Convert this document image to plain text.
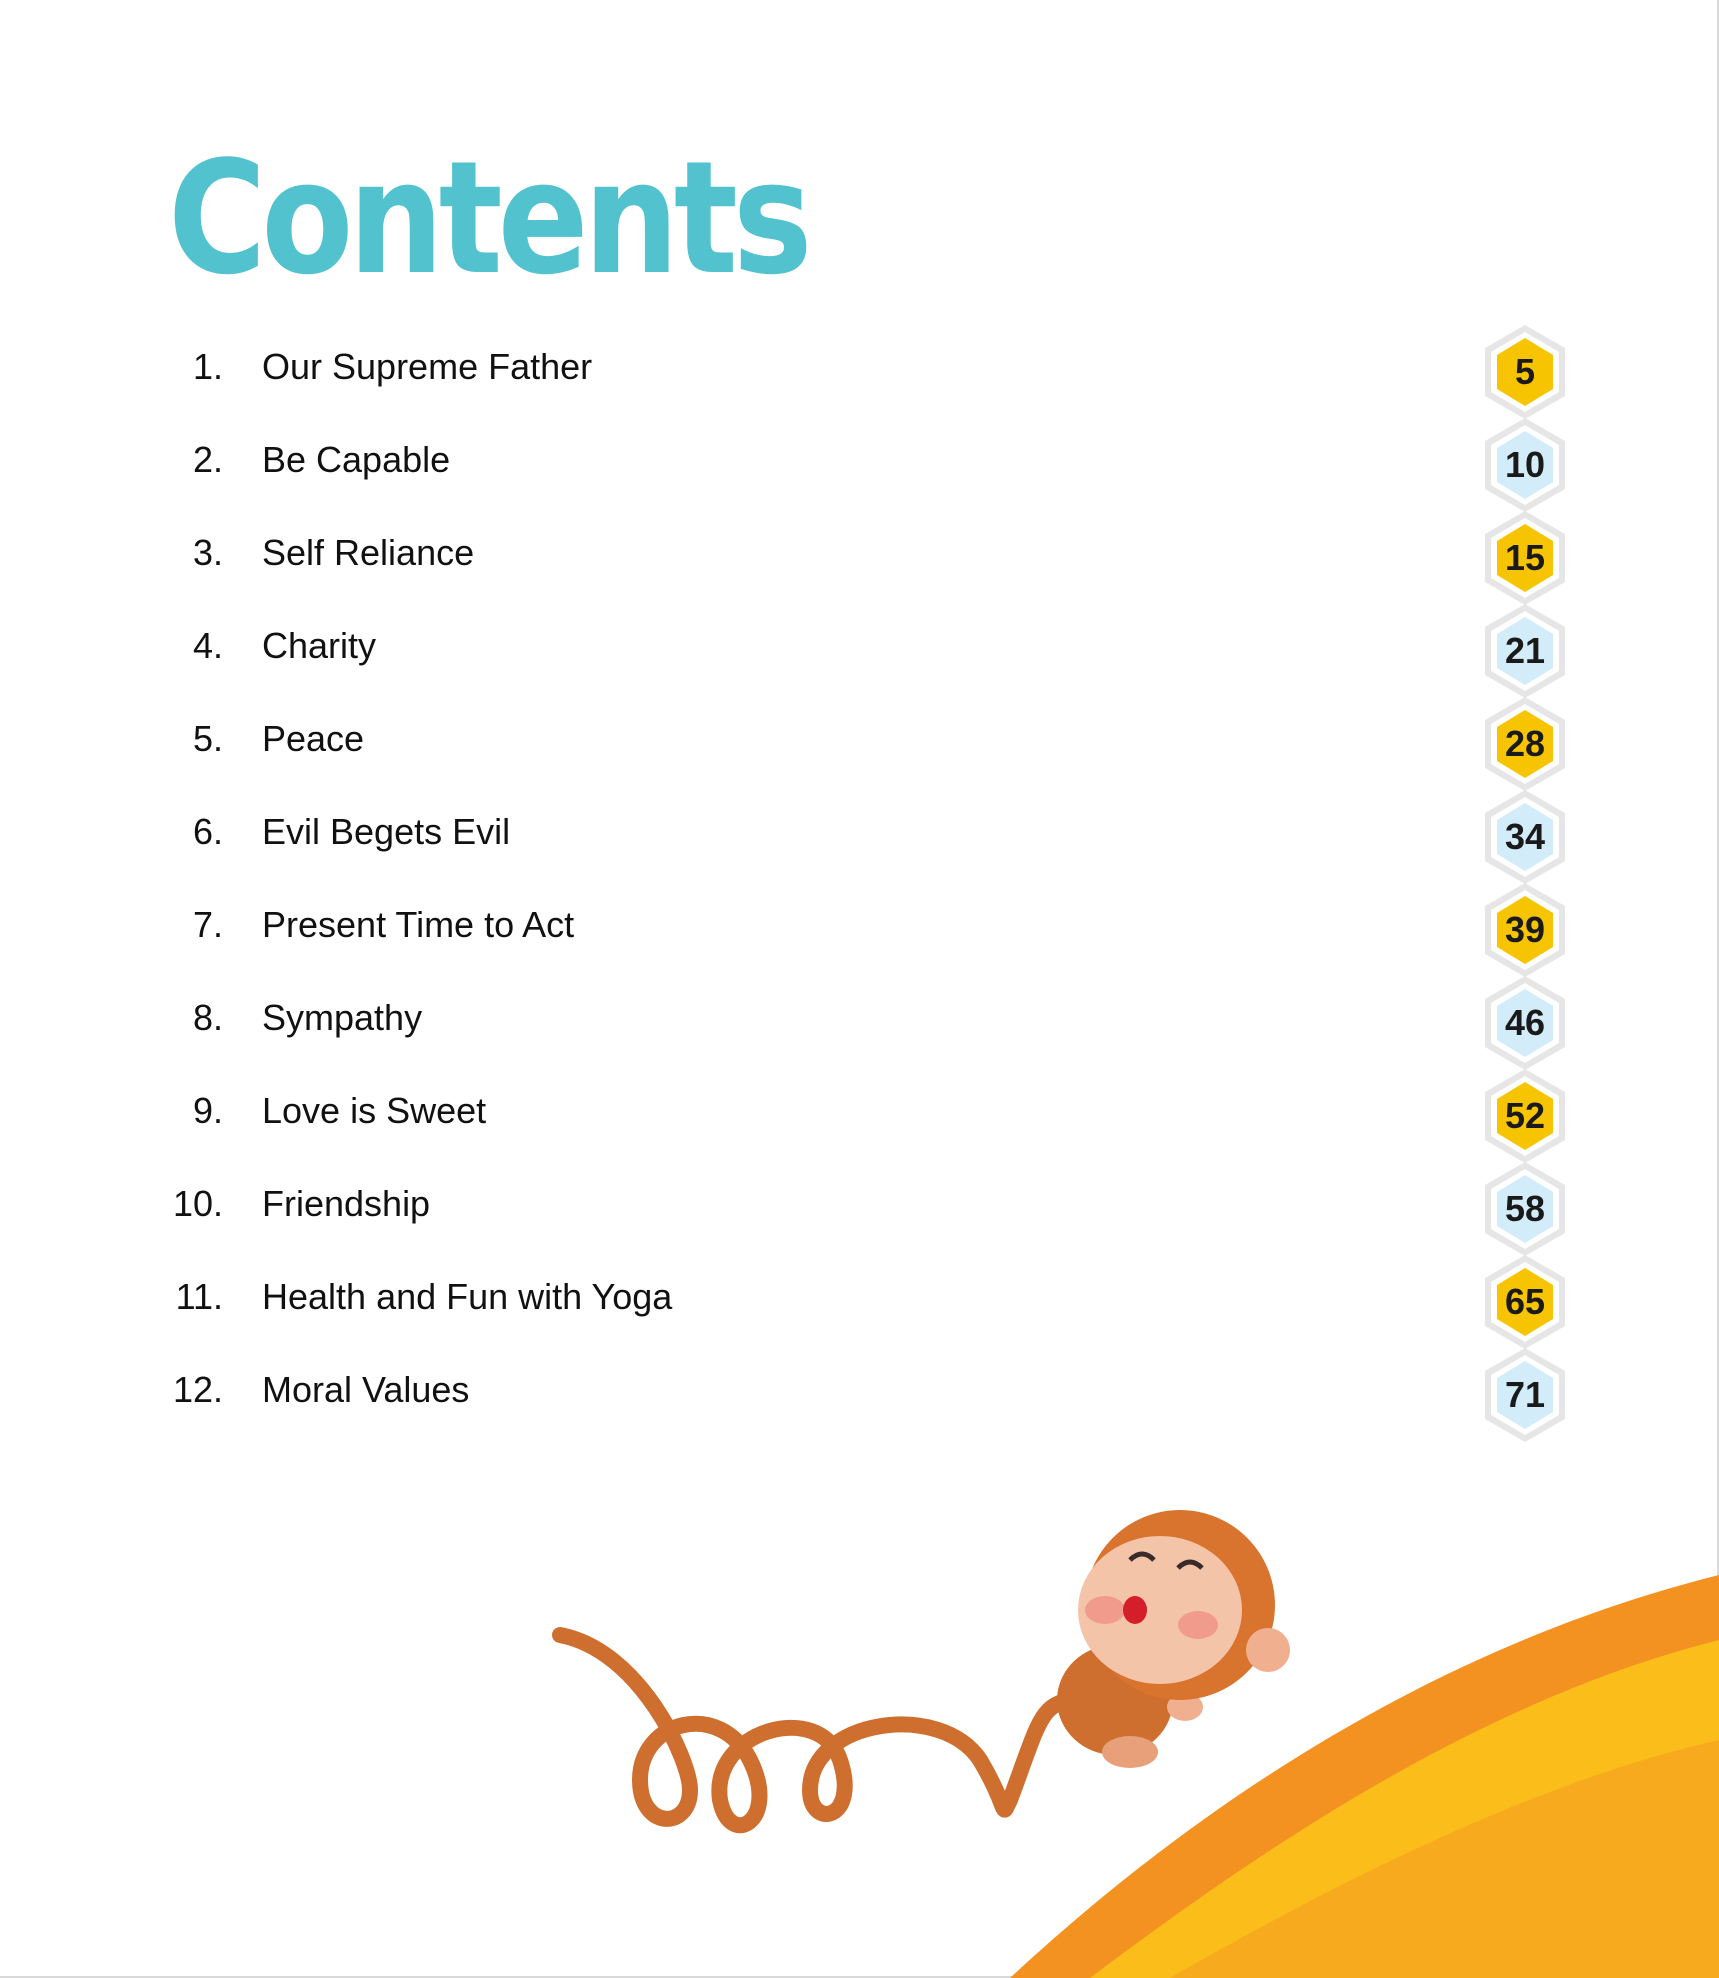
Contents
1. Our Supreme Father	5
2. Be Capable	10
3. Self Reliance	15
4. Charity	21
5. Peace	28
6. Evil Begets Evil	34
7. Present Time to Act	39
8. Sympathy	46
9. Love is Sweet	52
10. Friendship	58
11. Health and Fun with Yoga	65
12. Moral Values	71
